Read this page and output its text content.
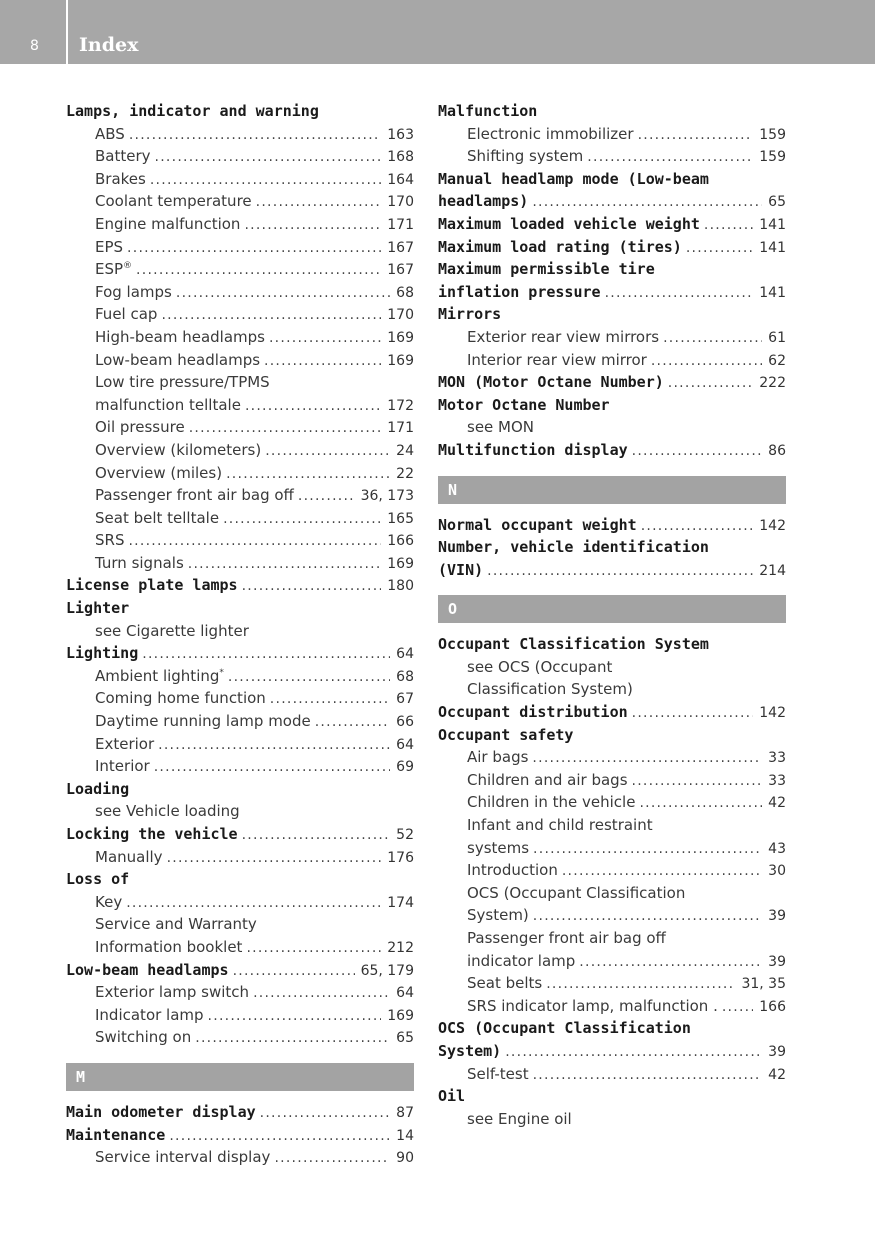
8 Index
Lamps, indicator and warning
ABS . . .	163
Battery . . .	168
Brakes . . .	164
Coolant temperature . . .	170
Engine malfunction . . .	171
EPS . . .	167
ESP® . . .	167
Fog lamps . . .	68
Fuel cap . . .	170
High-beam headlamps . . .	169
Low-beam headlamps . . .	169
Low tire pressure/TPMS
malfunction telltale . . .	172
Oil pressure . . .	171
Overview (kilometers) . . .	24
Overview (miles) . . .	22
Passenger front air bag off . . .	36, 173
Seat belt telltale . . .	165
SRS . . .	166
Turn signals . . .	169
License plate lamps . . .	180
Lighter
see Cigarette lighter
Lighting . . .	64
Ambient lighting* . . .	68
Coming home function . . .	67
Daytime running lamp mode . . .	66
Exterior . . .	64
Interior . . .	69
Loading
see Vehicle loading
Locking the vehicle . . .	52
Manually . . .	176
Loss of
Key . . .	174
Service and Warranty
Information booklet . . .	212
Low-beam headlamps . . .	65, 179
Exterior lamp switch . . .	64
Indicator lamp . . .	169
Switching on . . .	65
M
Main odometer display . . .	87
Maintenance . . .	14
Service interval display . . .	90
Malfunction
Electronic immobilizer . . .	159
Shifting system . . .	159
Manual headlamp mode (Low-beam
headlamps) . . .	65
Maximum loaded vehicle weight . . .	141
Maximum load rating (tires) . . .	141
Maximum permissible tire
inflation pressure . . .	141
Mirrors
Exterior rear view mirrors . . .	61
Interior rear view mirror . . .	62
MON (Motor Octane Number) . . .	222
Motor Octane Number
see MON
Multifunction display . . .	86
N
Normal occupant weight . . .	142
Number, vehicle identification
(VIN) . . .	214
O
Occupant Classification System
see OCS (Occupant
Classification System)
Occupant distribution . . .	142
Occupant safety
Air bags . . .	33
Children and air bags . . .	33
Children in the vehicle . . .	42
Infant and child restraint
systems . . .	43
Introduction . . .	30
OCS (Occupant Classification
System) . . .	39
Passenger front air bag off
indicator lamp . . .	39
Seat belts . . .	31, 35
SRS indicator lamp, malfunction . . . .	166
OCS (Occupant Classification
System) . . .	39
Self-test . . .	42
Oil
see Engine oil
